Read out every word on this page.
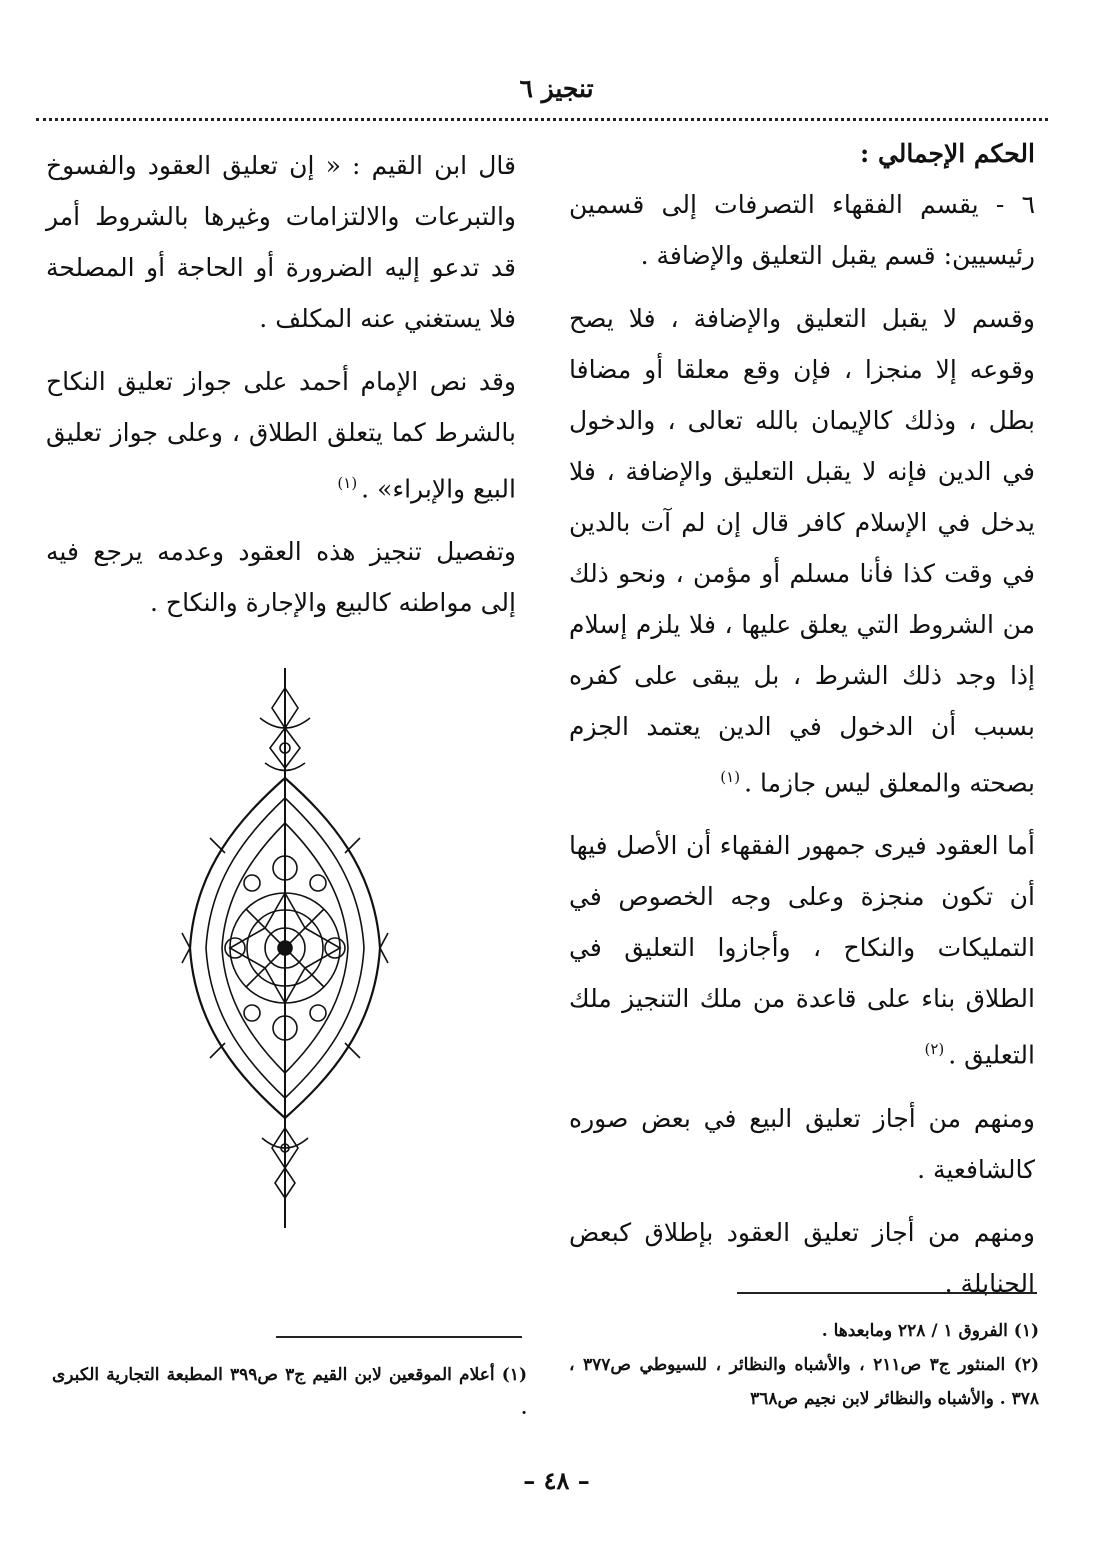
تنجيز ٦

الحكم الإجمالي :

٦ - يقسم الفقهاء التصرفات إلى قسمين رئيسيين: قسم يقبل التعليق والإضافة .

وقسم لا يقبل التعليق والإضافة ، فلا يصح وقوعه إلا منجزا ، فإن وقع معلقا أو مضافا بطل ، وذلك كالإيمان بالله تعالى ، والدخول في الدين فإنه لا يقبل التعليق والإضافة ، فلا يدخل في الإسلام كافر قال إن لم آت بالدين في وقت كذا فأنا مسلم أو مؤمن ، ونحو ذلك من الشروط التي يعلق عليها ، فلا يلزم إسلام إذا وجد ذلك الشرط ، بل يبقى على كفره بسبب أن الدخول في الدين يعتمد الجزم بصحته والمعلق ليس جازما .$^{(١)}$

أما العقود فيرى جمهور الفقهاء أن الأصل فيها أن تكون منجزة وعلى وجه الخصوص في التمليكات والنكاح ، وأجازوا التعليق في الطلاق بناء على قاعدة من ملك التنجيز ملك التعليق .$^{(٢)}$

ومنهم من أجاز تعليق البيع في بعض صوره كالشافعية .

ومنهم من أجاز تعليق العقود بإطلاق كبعض الحنابلة .

قال ابن القيم : « إن تعليق العقود والفسوخ والتبرعات والالتزامات وغيرها بالشروط أمر قد تدعو إليه الضرورة أو الحاجة أو المصلحة فلا يستغني عنه المكلف .

وقد نص الإمام أحمد على جواز تعليق النكاح بالشرط كما يتعلق الطلاق ، وعلى جواز تعليق البيع والإبراء» .$^{(١)}$

وتفصيل تنجيز هذه العقود وعدمه يرجع فيه إلى مواطنه كالبيع والإجارة والنكاح .

(١) الفروق ١ / ٢٢٨ ومابعدها .

(٢) المنثور ج٣ ص٢١١ ، والأشباه والنظائر ، للسيوطي ص٣٧٧ ، ٣٧٨ . والأشباه والنظائر لابن نجيم ص٣٦٨

(١) أعلام الموقعين لابن القيم ج٣ ص٣٩٩ المطبعة التجارية الكبرى .

– ٤٨ –
